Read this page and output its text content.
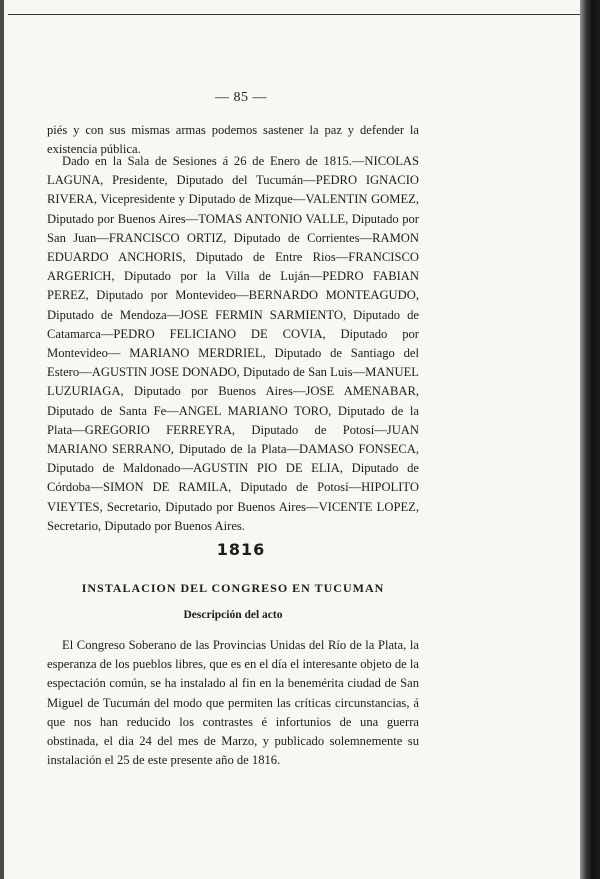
— 85 —

piés y con sus mismas armas podemos sastener la paz y defender la existencia pública.

Dado en la Sala de Sesiones á 26 de Enero de 1815.—NICOLAS LAGUNA, Presidente, Diputado del Tucumán—PEDRO IGNACIO RIVERA, Vicepresidente y Diputado de Mizque—VALENTIN GOMEZ, Diputado por Buenos Aires—TOMAS ANTONIO VALLE, Diputado por San Juan—FRANCISCO ORTIZ, Diputado de Corrientes—RAMON EDUARDO ANCHORIS, Diputado de Entre Rios—FRANCISCO ARGERICH, Diputado por la Villa de Luján—PEDRO FABIAN PEREZ, Diputado por Montevideo—BERNARDO MONTEAGUDO, Diputado de Mendoza—JOSE FERMIN SARMIENTO, Diputado de Catamarca—PEDRO FELICIANO DE COVIA, Diputado por Montevideo— MARIANO MERDRIEL, Diputado de Santiago del Estero—AGUSTIN JOSE DONADO, Diputado de San Luis—MANUEL LUZURIAGA, Diputado por Buenos Aires—JOSE AMENABAR, Diputado de Santa Fe—ANGEL MARIANO TORO, Diputado de la Plata—GREGORIO FERREYRA, Diputado de Potosí—JUAN MARIANO SERRANO, Diputado de la Plata—DAMASO FONSECA, Diputado de Maldonado—AGUSTIN PIO DE ELIA, Diputado de Córdoba—SIMON DE RAMILA, Diputado de Potosí—HIPOLITO VIEYTES, Secretario, Diputado por Buenos Aires—VICENTE LOPEZ, Secretario, Diputado por Buenos Aires.

1816
INSTALACION DEL CONGRESO EN TUCUMAN
Descripción del acto

El Congreso Soberano de las Provincias Unidas del Río de la Plata, la esperanza de los pueblos libres, que es en el día el interesante objeto de la espectación común, se ha instalado al fin en la benemérita ciudad de San Miguel de Tucumán del modo que permiten las críticas circunstancias, á que nos han reducido los contrastes é infortunios de una guerra obstinada, el dia 24 del mes de Marzo, y publicado solemnemente su instalación el 25 de este presente año de 1816.
